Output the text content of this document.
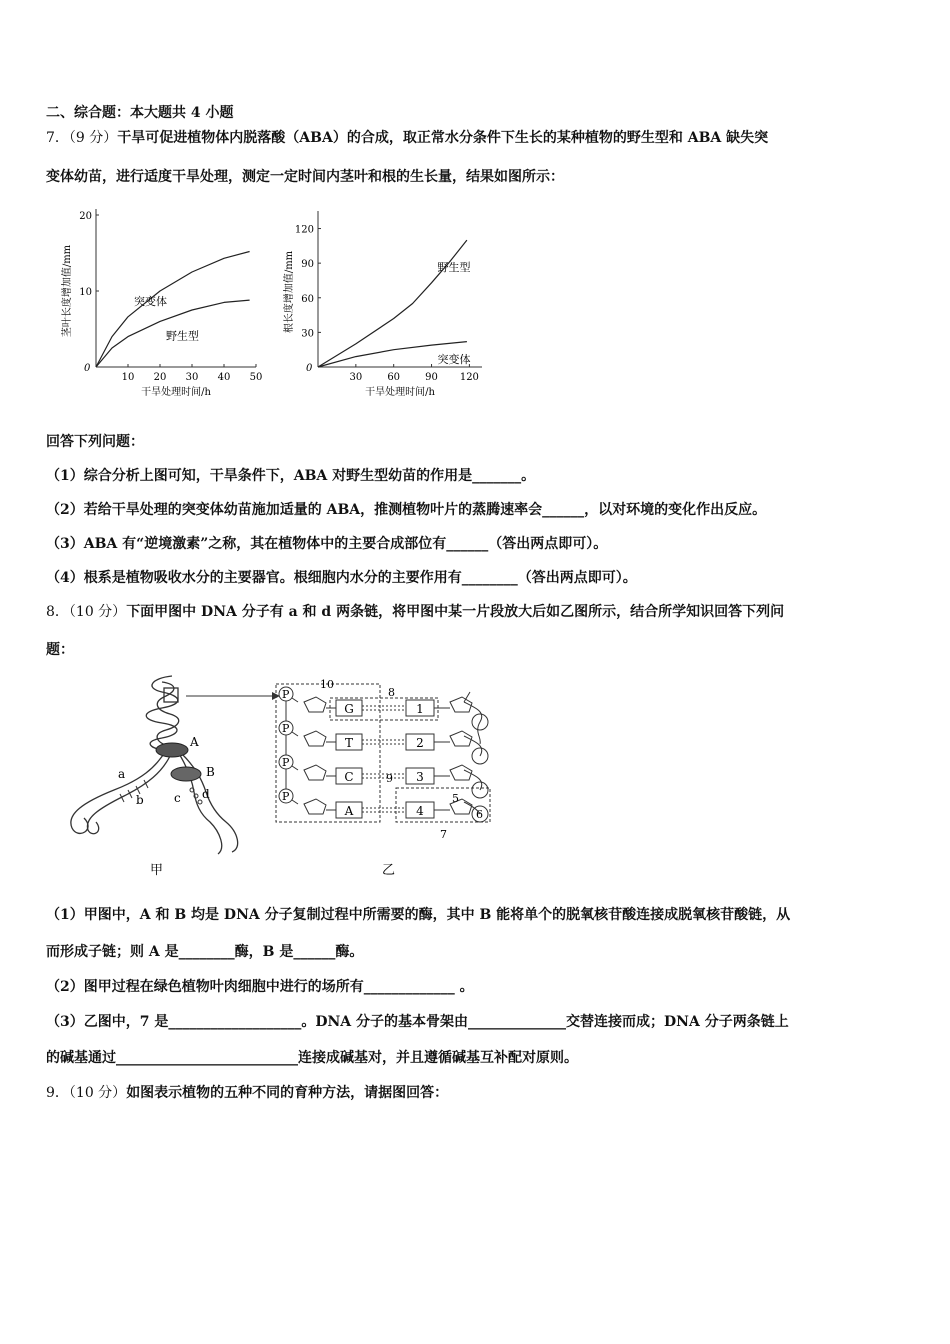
二、综合题：本大题共 4 小题
7．（9 分）干旱可促进植物体内脱落酸（ABA）的合成，取正常水分条件下生长的某种植物的野生型和 ABA 缺失突
变体幼苗，进行适度干旱处理，测定一定时间内茎叶和根的生长量，结果如图所示：
0
10 20 30 40 50
10
20
干旱处理时间/h
茎叶长度增加值/mm	突变体
野生型
0
30	60	90 120
30
60
90
120
干旱处理时间/h
根长度增加值/mm	野生型
突变体
回答下列问题：
（1）综合分析上图可知，干旱条件下，ABA 对野生型幼苗的作用是_______。
（2）若给干旱处理的突变体幼苗施加适量的 ABA，推测植物叶片的蒸腾速率会______，以对环境的变化作出反应。
（3）ABA 有“逆境激素”之称，其在植物体中的主要合成部位有______（答出两点即可）。
（4）根系是植物吸收水分的主要器官。根细胞内水分的主要作用有________（答出两点即可）。
8．（10 分）下面甲图中 DNA 分子有 a 和 d 两条链，将甲图中某一片段放大后如乙图所示，结合所学知识回答下列问
题：
A
B
a
b	c d
甲
P
P
P
P
G
T
C
A
1
2
3
4
10
8
9
5
6
7
乙
（1）甲图中，A 和 B 均是 DNA 分子复制过程中所需要的酶，其中 B 能将单个的脱氧核苷酸连接成脱氧核苷酸链，从
而形成子链；则 A 是________酶，B 是______酶。
（2）图甲过程在绿色植物叶肉细胞中进行的场所有_____________ 。
（3）乙图中，7 是___________________。DNA 分子的基本骨架由______________交替连接而成；DNA 分子两条链上
的碱基通过__________________________连接成碱基对，并且遵循碱基互补配对原则。
9．（10 分）如图表示植物的五种不同的育种方法，请据图回答：
